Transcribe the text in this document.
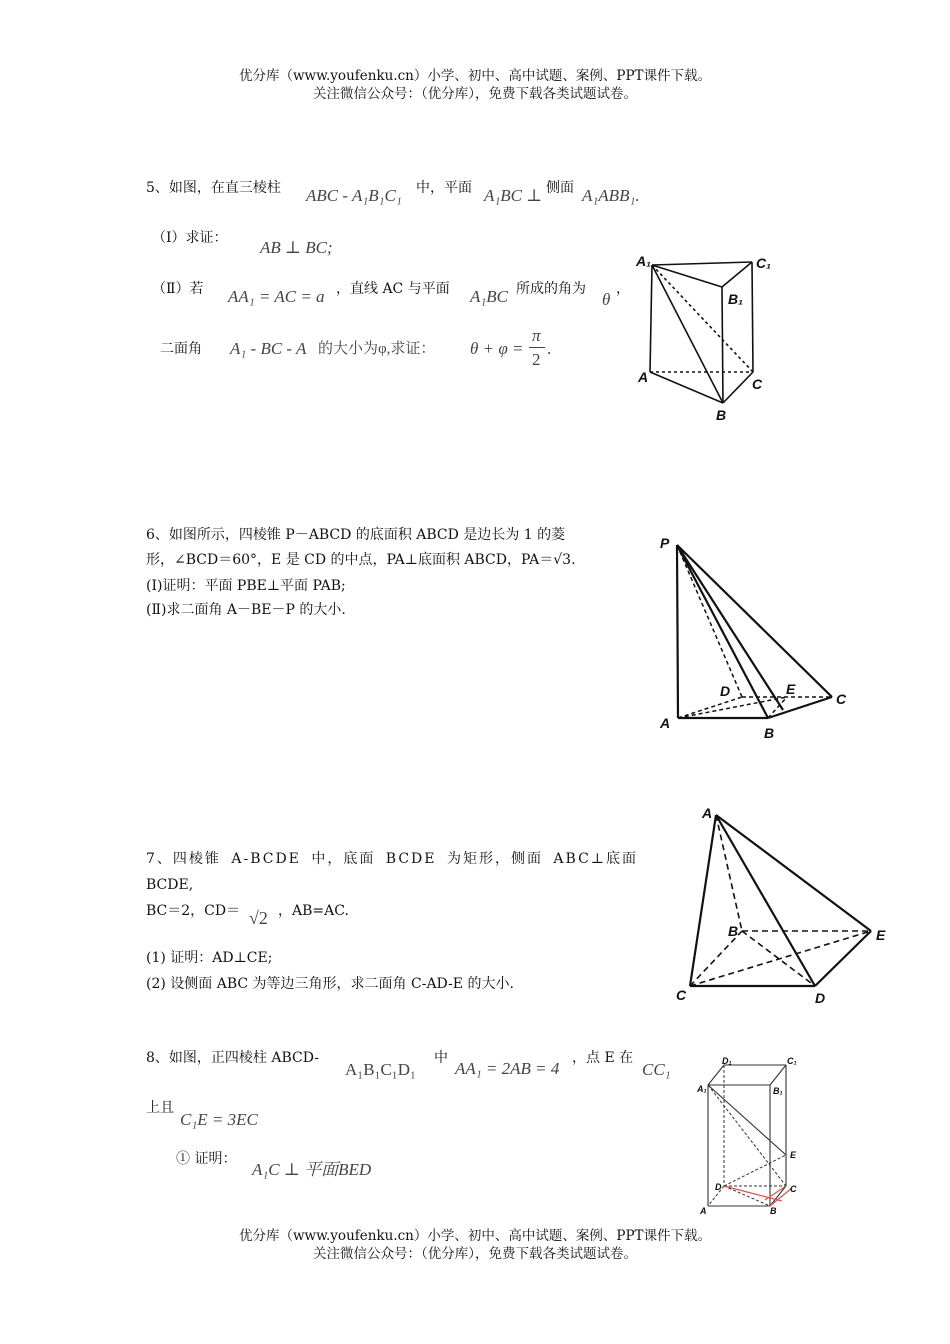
优分库（www.youfenku.cn）小学、初中、高中试题、案例、PPT课件下载。
关注微信公众号：（优分库），免费下载各类试题试卷。
5、如图，在直三棱柱 ABC - A₁B₁C₁ 中，平面 A₁BC ⊥ 侧面 A₁ABB₁.
（Ⅰ）求证： AB ⊥ BC;
（Ⅱ）若 AA₁ = AC = a ，直线 AC 与平面 A₁BC 所成的角为
θ
，
二面角 A₁ - BC - A 的大小为φ,求证： θ + φ =
π
2
.
A₁	C₁
B₁
A
B
C
6、如图所示，四棱锥 P－ABCD 的底面积 ABCD 是边长为 1 的菱
形，∠BCD＝60°，E 是 CD 的中点，PA⊥底面积 ABCD，PA＝√3.
(I)证明：平面 PBE⊥平面 PAB;
(Ⅱ)求二面角 A－BE－P 的大小.
P
A
B
C
D	E
7、四棱锥 A-BCDE 中，底面 BCDE 为矩形，侧面 ABC⊥底面
BCDE,
BC＝2，CD＝ √2 ，AB=AC.
(1) 证明：AD⊥CE;
(2) 设侧面 ABC 为等边三角形，求二面角 C-AD-E 的大小.
A
B
C	D
E
8、如图，正四棱柱 ABCD-
A₁B₁C₁D₁
中
AA₁ = 2AB = 4
，点 E 在
CC₁
上且
C₁E = 3EC
① 证明：
A₁C ⊥ 平面BED
D₁	C₁
A₁	B₁
E
D	C
A	B
优分库（www.youfenku.cn）小学、初中、高中试题、案例、PPT课件下载。
关注微信公众号：（优分库），免费下载各类试题试卷。
